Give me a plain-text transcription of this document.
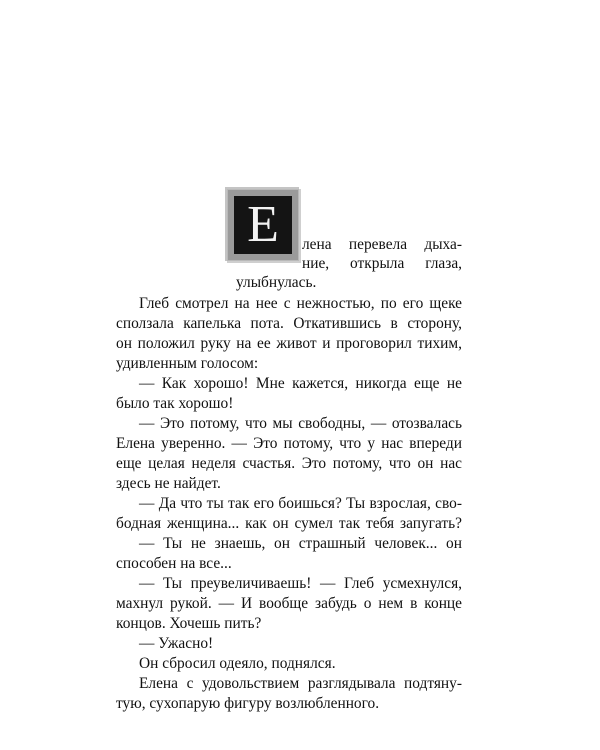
Е	лена перевела дыха-
ние, открыла глаза,
улыбнулась.
Глеб смотрел на нее с нежностью, по его щеке
сползала капелька пота. Откатившись в сторону,
он положил руку на ее живот и проговорил тихим,
удивленным голосом:
— Как хорошо! Мне кажется, никогда еще не
было так хорошо!
— Это потому, что мы свободны, — отозвалась
Елена уверенно. — Это потому, что у нас впереди
еще целая неделя счастья. Это потому, что он нас
здесь не найдет.
— Да что ты так его боишься? Ты взрослая, сво-
бодная женщина... как он сумел так тебя запугать?
— Ты не знаешь, он страшный человек... он
способен на все...
— Ты преувеличиваешь! — Глеб усмехнулся,
махнул рукой. — И вообще забудь о нем в конце
концов. Хочешь пить?
— Ужасно!
Он сбросил одеяло, поднялся.
Елена с удовольствием разглядывала подтяну-
тую, сухопарую фигуру возлюбленного.
